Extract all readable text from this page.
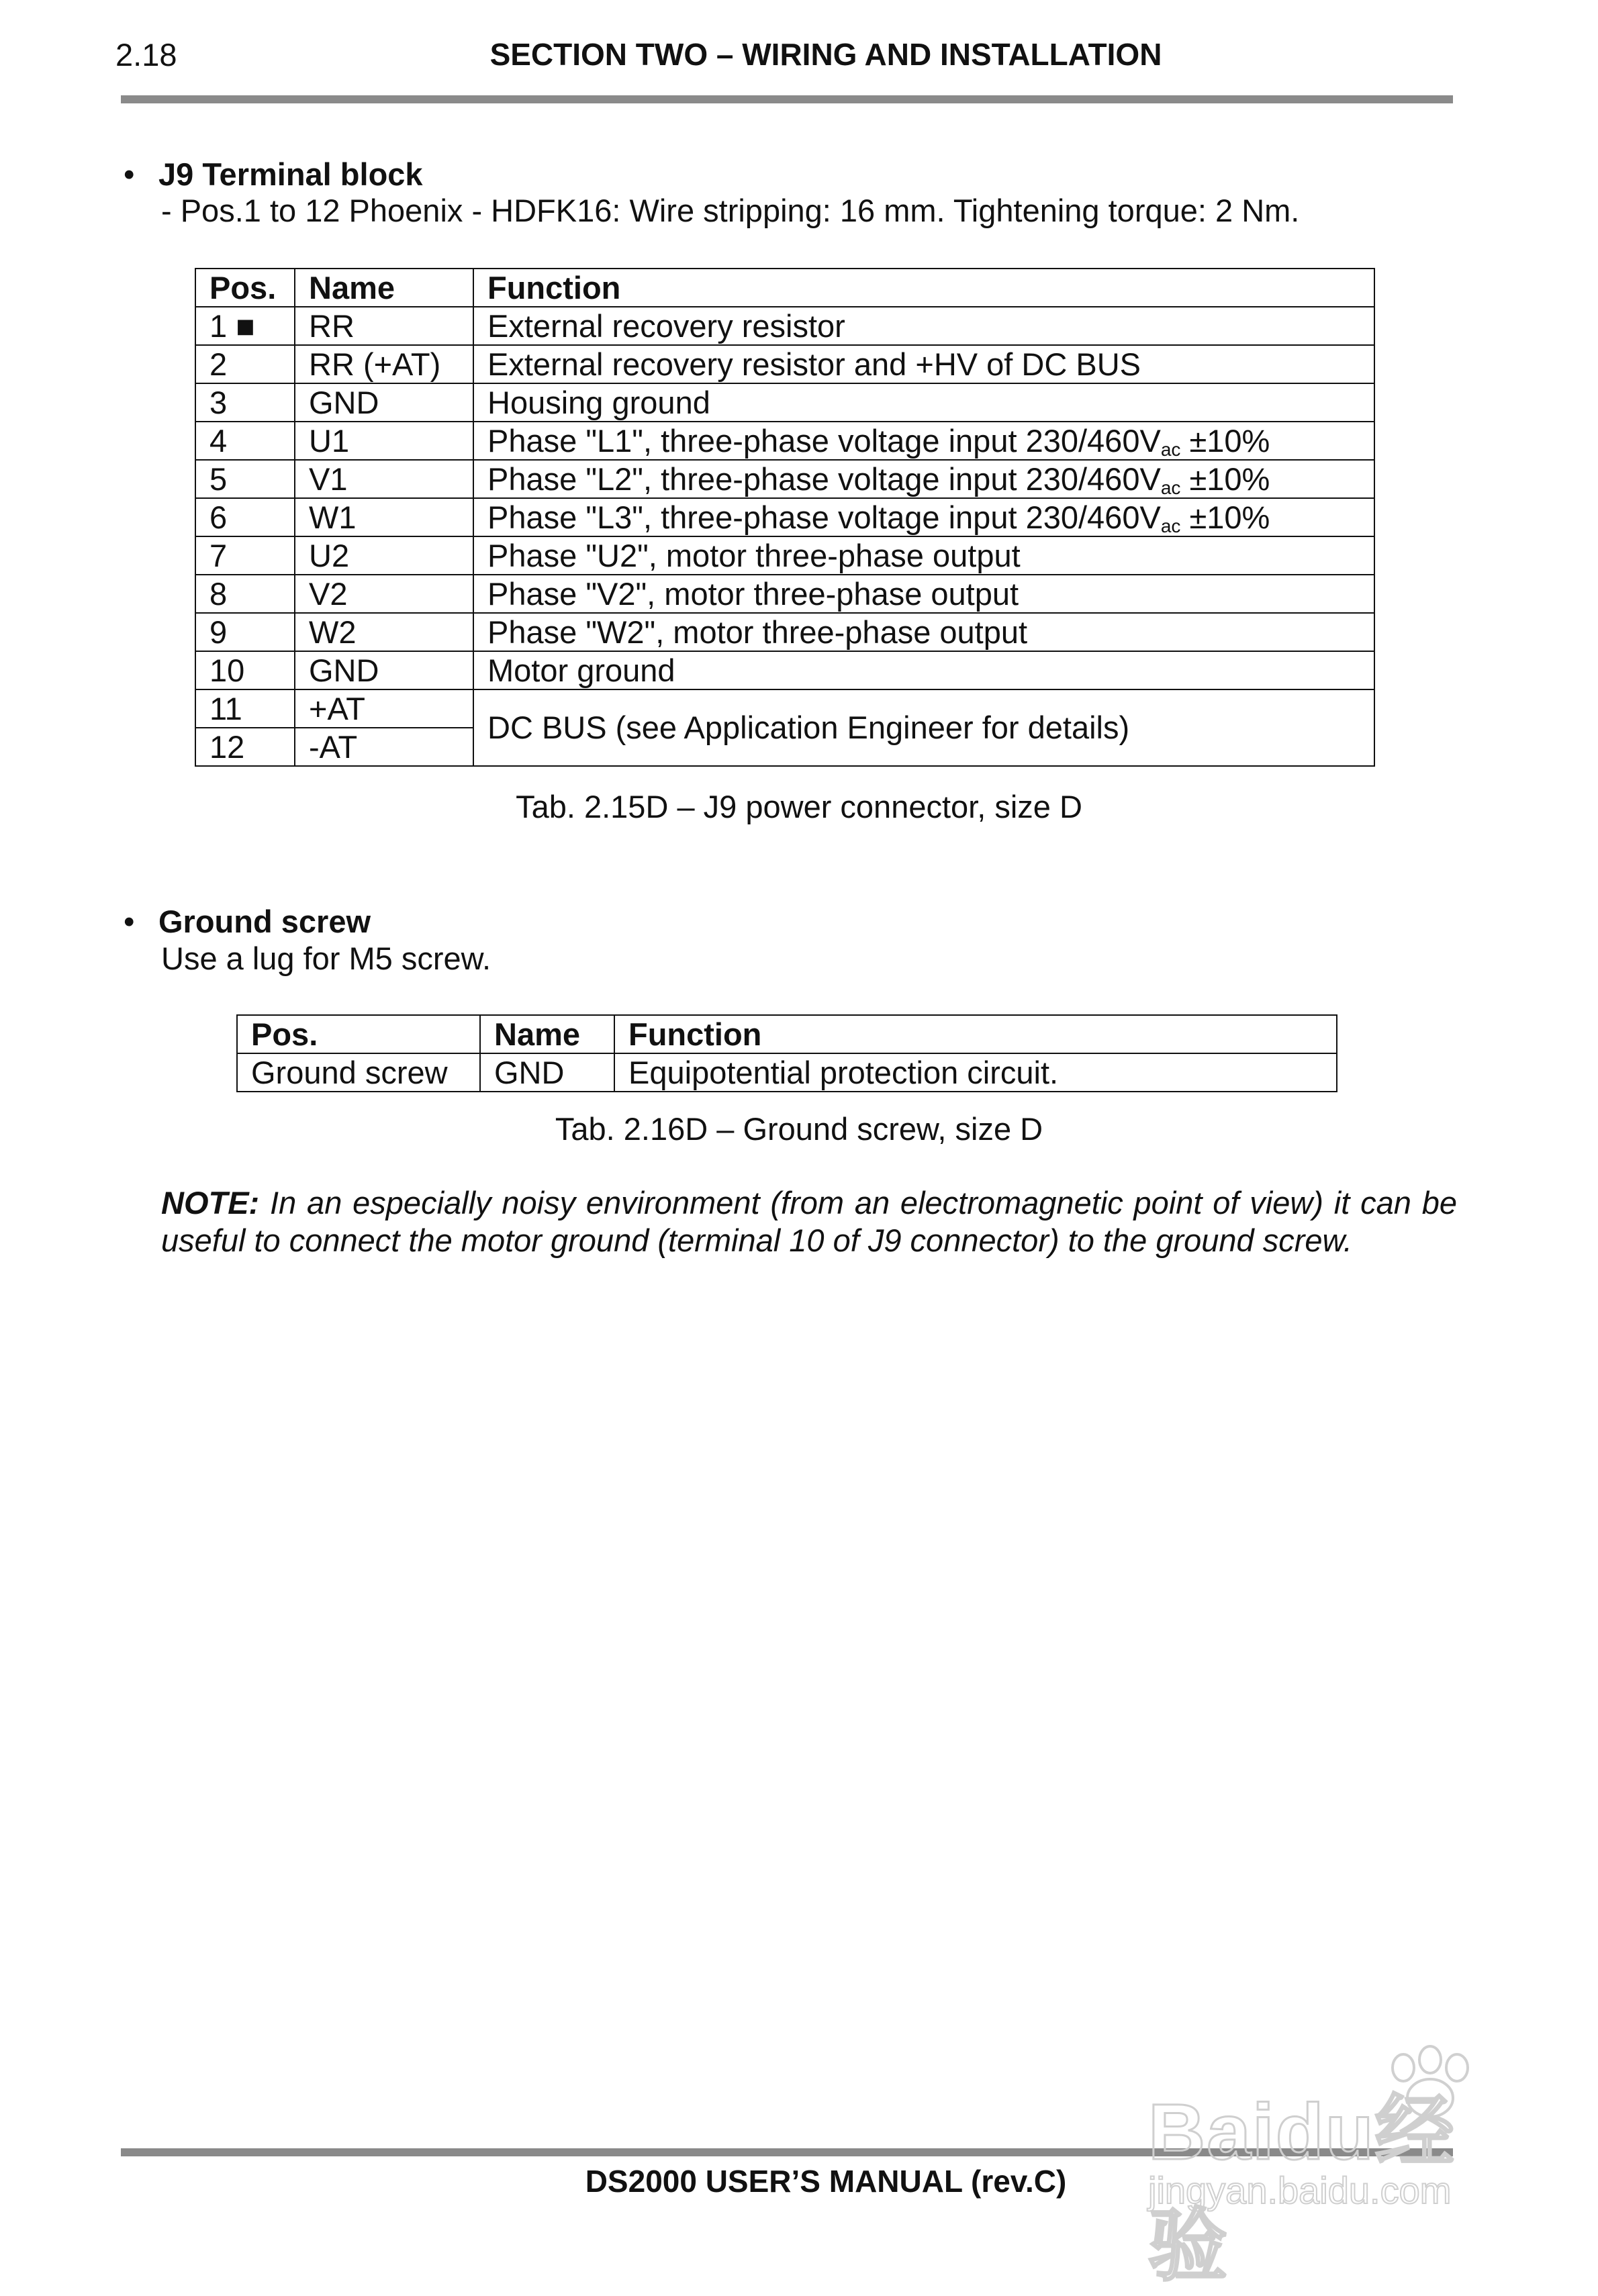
2.18	SECTION TWO – WIRING AND INSTALLATION
• J9 Terminal block
- Pos.1 to 12 Phoenix - HDFK16: Wire stripping: 16 mm. Tightening torque: 2 Nm.
Pos.	Name	Function
1 ■	RR	External recovery resistor
2	RR (+AT)	External recovery resistor and +HV of DC BUS
3	GND	Housing ground
4	U1	Phase "L1", three-phase voltage input $230/460V_{ac} \pm 10\%$
5	V1	Phase "L2", three-phase voltage input $230/460V_{ac} \pm 10\%$
6	W1	Phase "L3", three-phase voltage input $230/460V_{ac} \pm 10\%$
7	U2	Phase "U2", motor three-phase output
8	V2	Phase "V2", motor three-phase output
9	W2	Phase "W2", motor three-phase output
10	GND	Motor ground
11	+AT	DC BUS (see Application Engineer for details)
12	-AT	
Tab. 2.15D – J9 power connector, size D
• Ground screw
Use a lug for M5 screw.
Pos.	Name	Function
Ground screw	GND	Equipotential protection circuit.
Tab. 2.16D – Ground screw, size D
NOTE: In an especially noisy environment (from an electromagnetic point of view) it can be useful to connect the motor ground (terminal 10 of J9 connector) to the ground screw.
DS2000 USER’S MANUAL (rev.C)
Baidu经验
jingyan.baidu.com
